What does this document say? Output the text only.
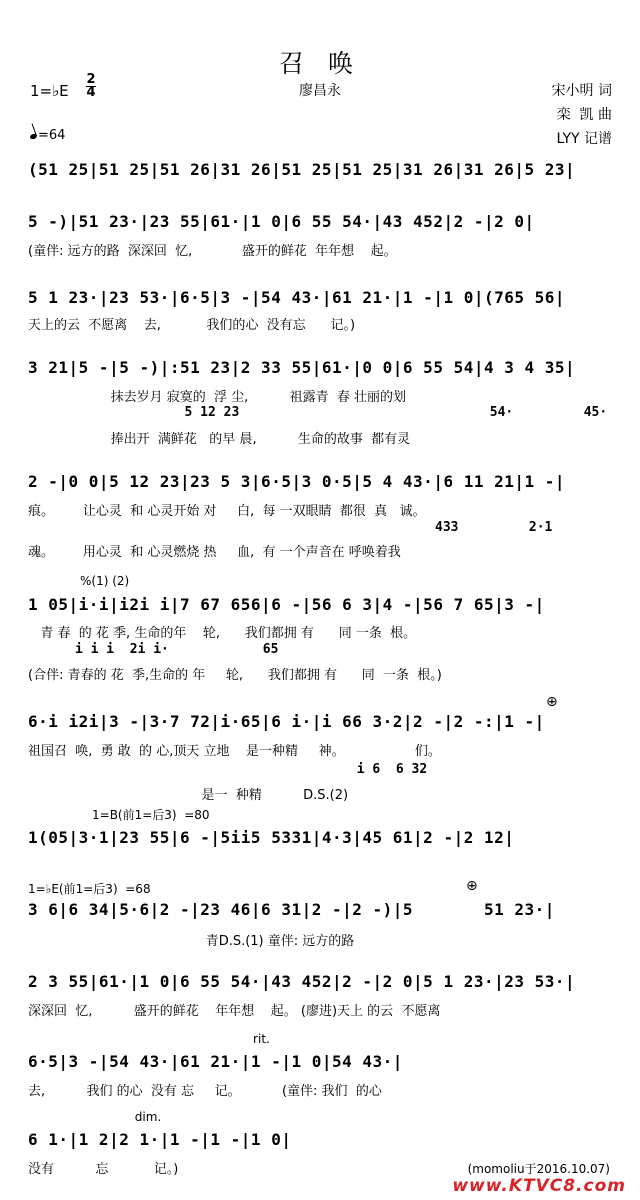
召 唤
廖昌永	宋小明 词
栾  凯 曲
LYY 记谱
1=♭E
2
4
=64
(51 25|51 25|51 26|31 26|51 25|51 25|31 26|31 26|5 23|
5 -)|51 23·|23 55|61·|1 0|6 55 54·|43 452|2 -|2 0|
(童伴: 远方的路  深深回  忆,            盛开的鲜花  年年想    起。
5 1 23·|23 53·|6·5|3 -|54 43·|61 21·|1 -|1 0|(765 56|
天上的云  不愿离    去,           我们的心  没有忘      记。)
3 21|5 -|5 -)|:51 23|2 33 55|61·|0 0|6 55 54|4 3 4 35|
抹去岁月 寂寞的  浮 尘,          祖露青  春 壮丽的划
5 12 23                                54·         45·
捧出开  满鲜花   的早 晨,          生命的故事  都有灵
2 -|0 0|5 12 23|23 5 3|6·5|3 0·5|5 4 43·|6 11 21|1 -|
痕。       让心灵  和 心灵开始 对     白,  每 一双眼睛  都很  真   诚。
433         2·1
魂。       用心灵  和 心灵燃烧 热     血,  有 一个声音在 呼唤着我
%(1) (2)
1 05|i·i|i2i i|7 67 656|6 -|56 6 3|4 -|56 7 65|3 -|
青 春  的 花 季, 生命的年    轮,      我们都拥 有      同 一条  根。
i i i  2i i·            65
(合伴: 青春的 花  季,生命的 年     轮,      我们都拥 有      同  一条  根。)
6·i i2i|3 -|3·7 72|i·65|6 i·|i 66 3·2|2 -|2 -:|1 -|
⊕
祖国召  唤,  勇 敢  的 心,顶天 立地    是一种精     神。                 们。
i 6  6 32
是一  种精          D.S.(2)
1=B(前1=后3)  =80
1(05|3·1|23 55|6 -|5ii5 5331|4·3|45 61|2 -|2 12|
1=♭E(前1=后3)  =68	⊕
3 6|6 34|5·6|2 -|23 46|6 31|2 -|2 -)|5       51 23·|
青D.S.(1) 童伴: 远方的路
2 3 55|61·|1 0|6 55 54·|43 452|2 -|2 0|5 1 23·|23 53·|
深深回  忆,          盛开的鲜花    年年想    起。 (廖进)天上 的云  不愿离
rit.
6·5|3 -|54 43·|61 21·|1 -|1 0|54 43·|
去,          我们 的心  没有 忘     记。          (童伴: 我们  的心
dim.
6 1·|1 2|2 1·|1 -|1 -|1 0|
没有          忘           记。)	(momoliu于2016.10.07)
www.KTVC8.com
